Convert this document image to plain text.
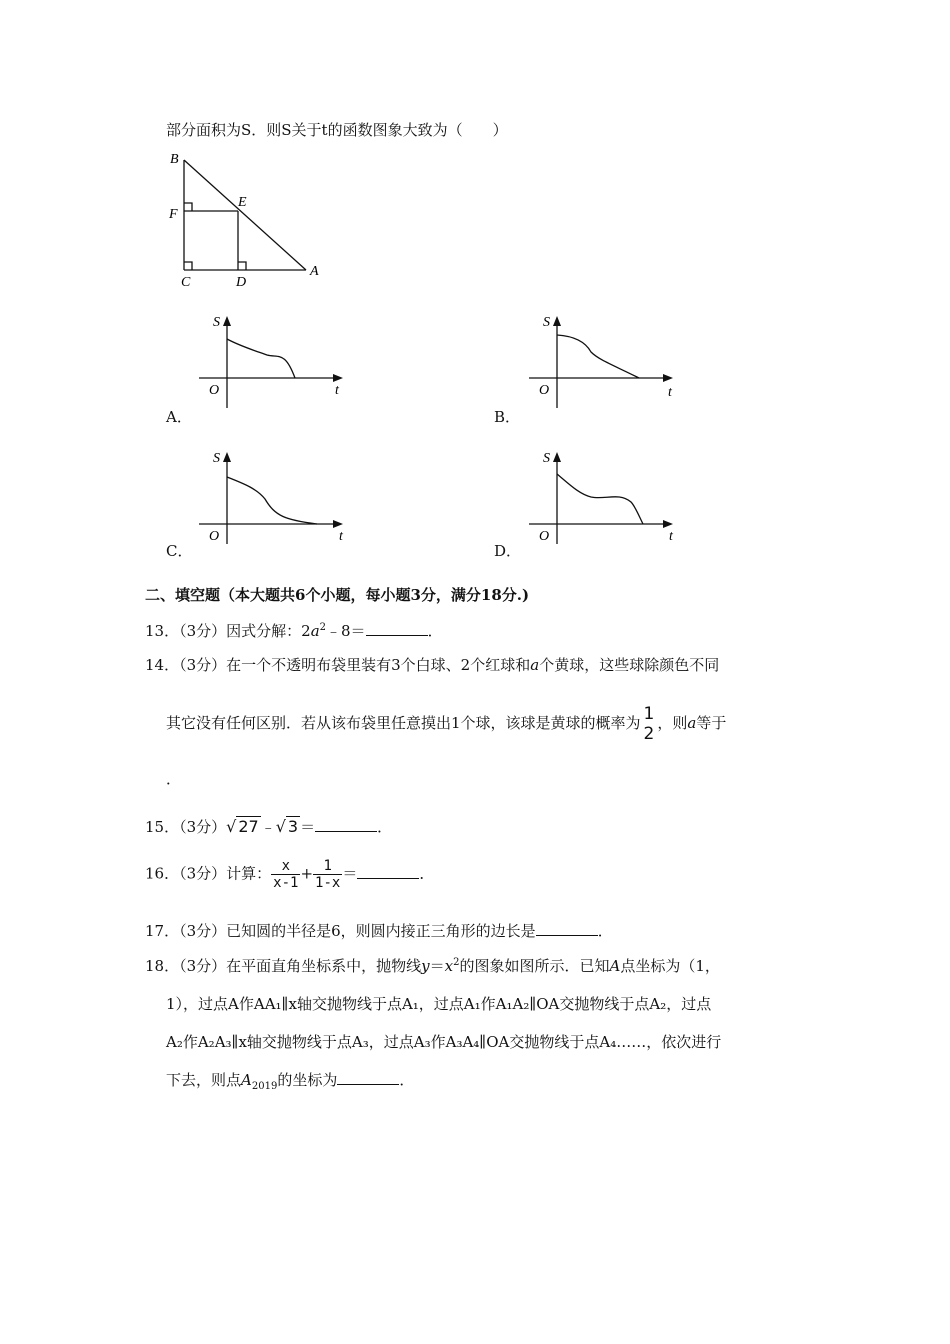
部分面积为S．则S关于t的函数图象大致为（　　）
B
E
F
C	D
A
S
O	t
A．
S
O	t
B．
S
O	t
C．
S
O	t
D．
二、填空题（本大题共6个小题，每小题3分，满分18分.)
13．（3分）因式分解：$2a^2﹣8=$	．
14．（3分）在一个不透明布袋里装有3个白球、2个红球和a个黄球，这些球除颜色不同
其它没有任何区别．若从该布袋里任意摸出1个球，该球是黄球的概率为 1
2
，则a等于
．
15．（3分）√ 27 ﹣√ 3 ＝	．
16．（3分）计算： $\frac{x}{x-1} + \frac{1}{1-x}$ ＝	．
17．（3分）已知圆的半径是6，则圆内接正三角形的边长是	．
18．（3分）在平面直角坐标系中，抛物线$y=x^2$的图象如图所示．已知A点坐标为（1，
1），过点A作AA₁∥x轴交抛物线于点A₁，过点A₁作A₁A₂∥OA交抛物线于点A₂，过点
A₂作A₂A₃∥x轴交抛物线于点A₃，过点A₃作A₃A₄∥OA交抛物线于点A₄……，依次进行
下去，则点$A_{2019}$的坐标为	．
